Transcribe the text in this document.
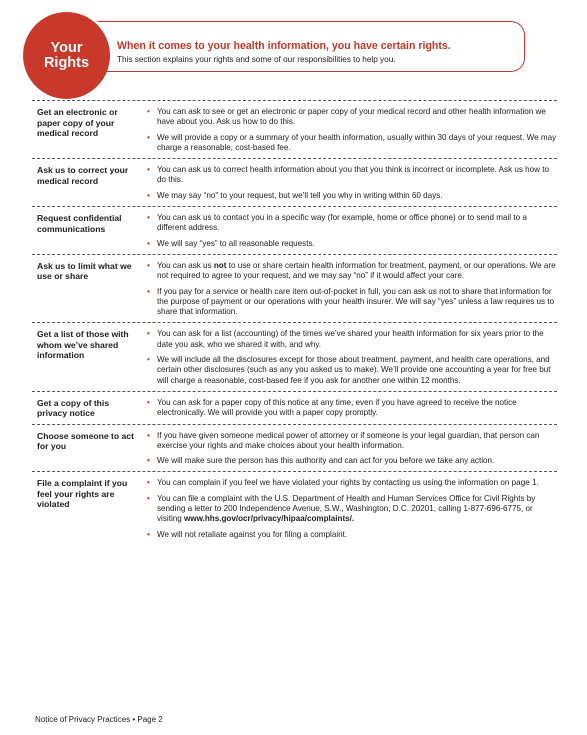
Your
Rights
When it comes to your health information, you have certain rights.
This section explains your rights and some of our responsibilities to help you.
Get an electronic or paper copy of your medical record
• You can ask to see or get an electronic or paper copy of your medical record and other health information we have about you. Ask us how to do this.
• We will provide a copy or a summary of your health information, usually within 30 days of your request. We may charge a reasonable, cost-based fee.
Ask us to correct your medical record
• You can ask us to correct health information about you that you think is incorrect or incomplete. Ask us how to do this.
• We may say “no” to your request, but we’ll tell you why in writing within 60 days.
Request confidential communications
• You can ask us to contact you in a specific way (for example, home or office phone) or to send mail to a different address.
• We will say “yes” to all reasonable requests.
Ask us to limit what we use or share
• You can ask us not to use or share certain health information for treatment, payment, or our operations. We are not required to agree to your request, and we may say “no” if it would affect your care.
• If you pay for a service or health care item out-of-pocket in full, you can ask us not to share that information for the purpose of payment or our operations with your health insurer. We will say “yes” unless a law requires us to share that information.
Get a list of those with whom we’ve shared information
• You can ask for a list (accounting) of the times we’ve shared your health information for six years prior to the date you ask, who we shared it with, and why.
• We will include all the disclosures except for those about treatment, payment, and health care operations, and certain other disclosures (such as any you asked us to make). We’ll provide one accounting a year for free but will charge a reasonable, cost-based fee if you ask for another one within 12 months.
Get a copy of this privacy notice
• You can ask for a paper copy of this notice at any time, even if you have agreed to receive the notice electronically. We will provide you with a paper copy promptly.
Choose someone to act for you
• If you have given someone medical power of attorney or if someone is your legal guardian, that person can exercise your rights and make choices about your health information.
• We will make sure the person has this authority and can act for you before we take any action.
File a complaint if you feel your rights are violated
• You can complain if you feel we have violated your rights by contacting us using the information on page 1.
• You can file a complaint with the U.S. Department of Health and Human Services Office for Civil Rights by sending a letter to 200 Independence Avenue, S.W., Washington, D.C. 20201, calling 1-877-696-6775, or visiting www.hhs.gov/ocr/privacy/hipaa/complaints/.
• We will not retaliate against you for filing a complaint.
Notice of Privacy Practices • Page 2
